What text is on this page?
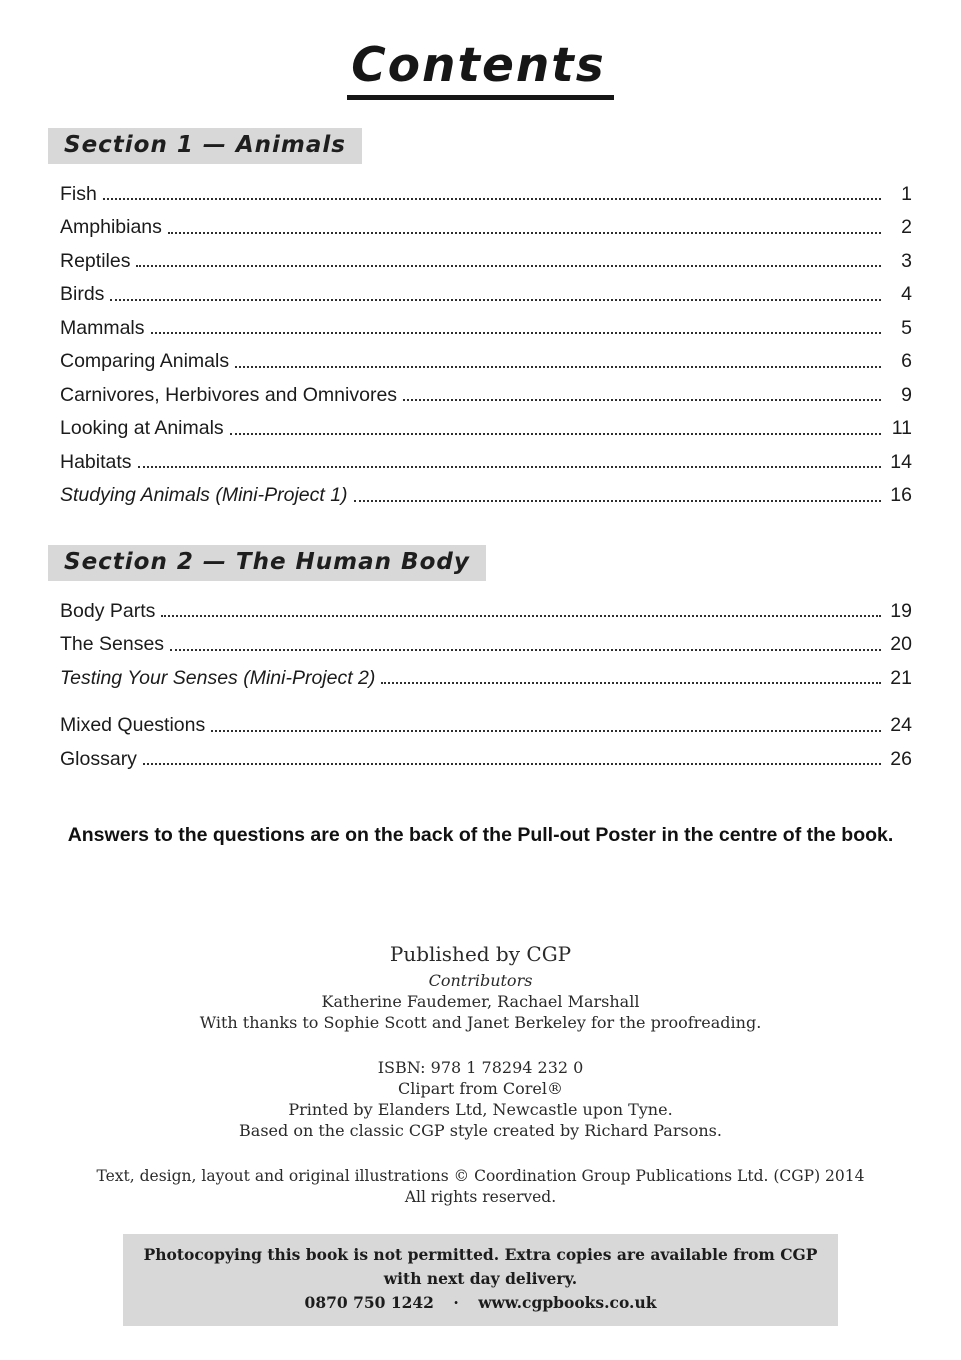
Contents
Section 1 — Animals
Fish	1
Amphibians	2
Reptiles	3
Birds	4
Mammals	5
Comparing Animals	6
Carnivores, Herbivores and Omnivores	9
Looking at Animals	11
Habitats	14
Studying Animals (Mini-Project 1)	16
Section 2 — The Human Body
Body Parts	19
The Senses	20
Testing Your Senses (Mini-Project 2)	21
Mixed Questions	24
Glossary	26
Answers to the questions are on the back of the Pull-out Poster in the centre of the book.
Published by CGP
Contributors
Katherine Faudemer, Rachael Marshall
With thanks to Sophie Scott and Janet Berkeley for the proofreading.
ISBN: 978 1 78294 232 0
Clipart from Corel®
Printed by Elanders Ltd, Newcastle upon Tyne.
Based on the classic CGP style created by Richard Parsons.
Text, design, layout and original illustrations © Coordination Group Publications Ltd. (CGP) 2014
All rights reserved.
Photocopying this book is not permitted. Extra copies are available from CGP with next day delivery.
0870 750 1242 · www.cgpbooks.co.uk
